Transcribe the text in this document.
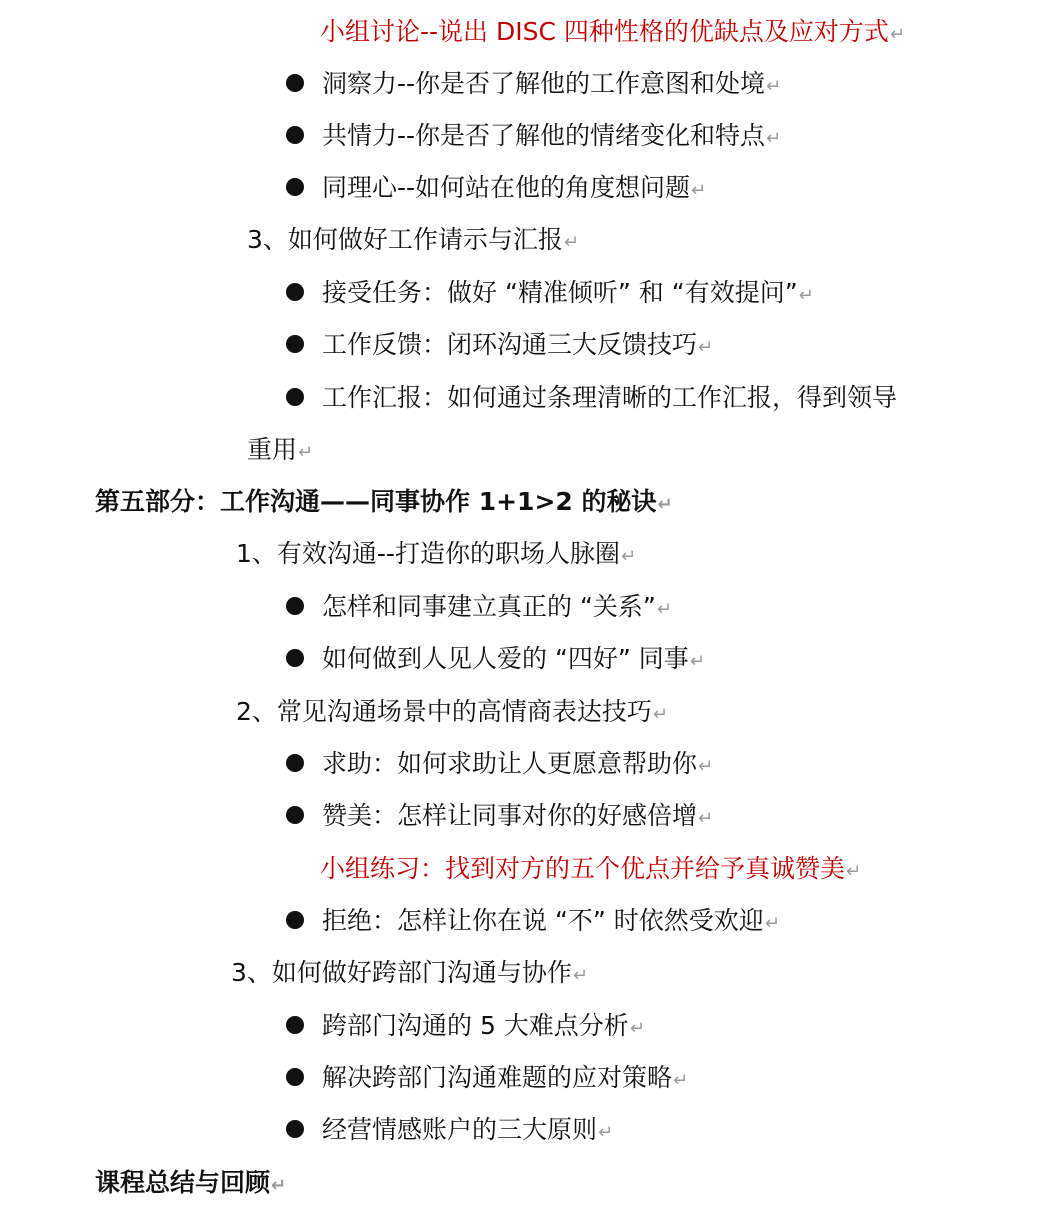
小组讨论--说出 DISC 四种性格的优缺点及应对方式↵
洞察力--你是否了解他的工作意图和处境↵
共情力--你是否了解他的情绪变化和特点↵
同理心--如何站在他的角度想问题↵
3、如何做好工作请示与汇报↵
接受任务：做好 “精准倾听” 和 “有效提问”↵
工作反馈：闭环沟通三大反馈技巧↵
工作汇报：如何通过条理清晰的工作汇报，得到领导
重用↵
第五部分：工作沟通——同事协作 1+1>2 的秘诀↵
1、有效沟通--打造你的职场人脉圈↵
怎样和同事建立真正的 “关系”↵
如何做到人见人爱的 “四好” 同事↵
2、常见沟通场景中的高情商表达技巧↵
求助：如何求助让人更愿意帮助你↵
赞美：怎样让同事对你的好感倍增↵
小组练习：找到对方的五个优点并给予真诚赞美↵
拒绝：怎样让你在说 “不” 时依然受欢迎↵
3、如何做好跨部门沟通与协作↵
跨部门沟通的 5 大难点分析↵
解决跨部门沟通难题的应对策略↵
经营情感账户的三大原则↵
课程总结与回顾↵
